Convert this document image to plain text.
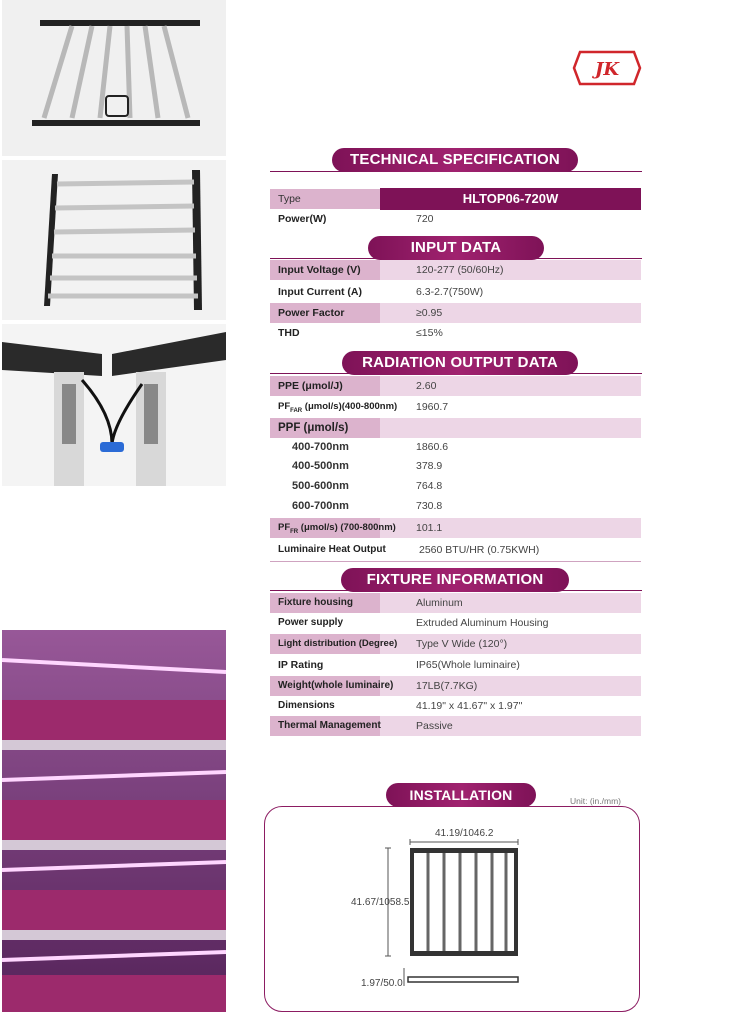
JK
TECHNICAL SPECIFICATION
Type	HLTOP06-720W
Power(W)	720
INPUT DATA
Input Voltage (V)	120-277 (50/60Hz)
Input Current (A)	6.3-2.7(750W)
Power Factor	≥0.95
THD	≤15%
RADIATION OUTPUT DATA
PPE (μmol/J)	2.60
$PF_{FAR}$ (μmol/s)(400-800nm) 1960.7
PPF (μmol/s)
400-700nm	1860.6
400-500nm	378.9
500-600nm	764.8
600-700nm	730.8
$PF_{FR}$ (μmol/s) (700-800nm) 101.1
Luminaire Heat Output	2560 BTU/HR (0.75KWH)
FIXTURE INFORMATION
Fixture housing	Aluminum
Power supply	Extruded Aluminum Housing
Light distribution (Degree) Type V Wide (120°)
IP Rating	IP65(Whole luminaire)
Weight(whole luminaire) 17LB(7.7KG)
Dimensions	41.19" x 41.67" x 1.97"
Thermal Management	Passive
INSTALLATION	Unit: (in./mm)
41.19/1046.2
41.67/1058.5
1.97/50.0
